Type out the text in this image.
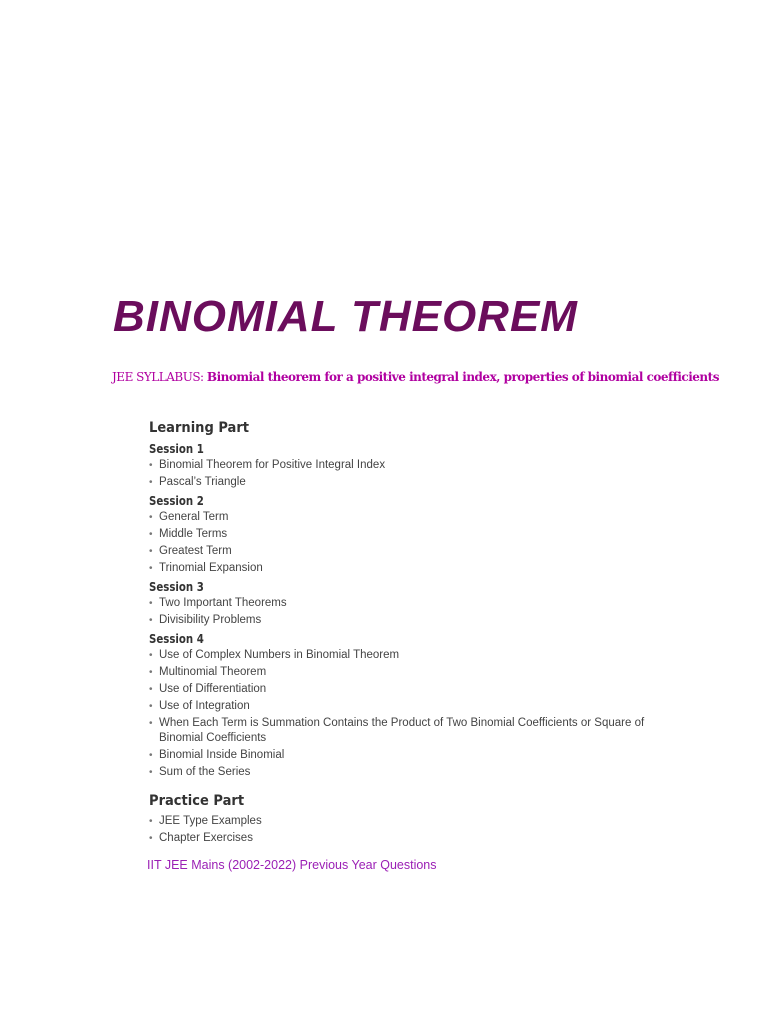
BINOMIAL THEOREM

JEE SYLLABUS: Binomial theorem for a positive integral index, properties of binomial coefficients

Learning Part
Session 1
• Binomial Theorem for Positive Integral Index
• Pascal’s Triangle
Session 2
• General Term
• Middle Terms
• Greatest Term
• Trinomial Expansion
Session 3
• Two Important Theorems
• Divisibility Problems
Session 4
• Use of Complex Numbers in Binomial Theorem
• Multinomial Theorem
• Use of Differentiation
• Use of Integration
• When Each Term is Summation Contains the Product of Two Binomial Coefficients or Square of Binomial Coefficients
• Binomial Inside Binomial
• Sum of the Series
Practice Part
• JEE Type Examples
• Chapter Exercises

IIT JEE Mains (2002-2022) Previous Year Questions
